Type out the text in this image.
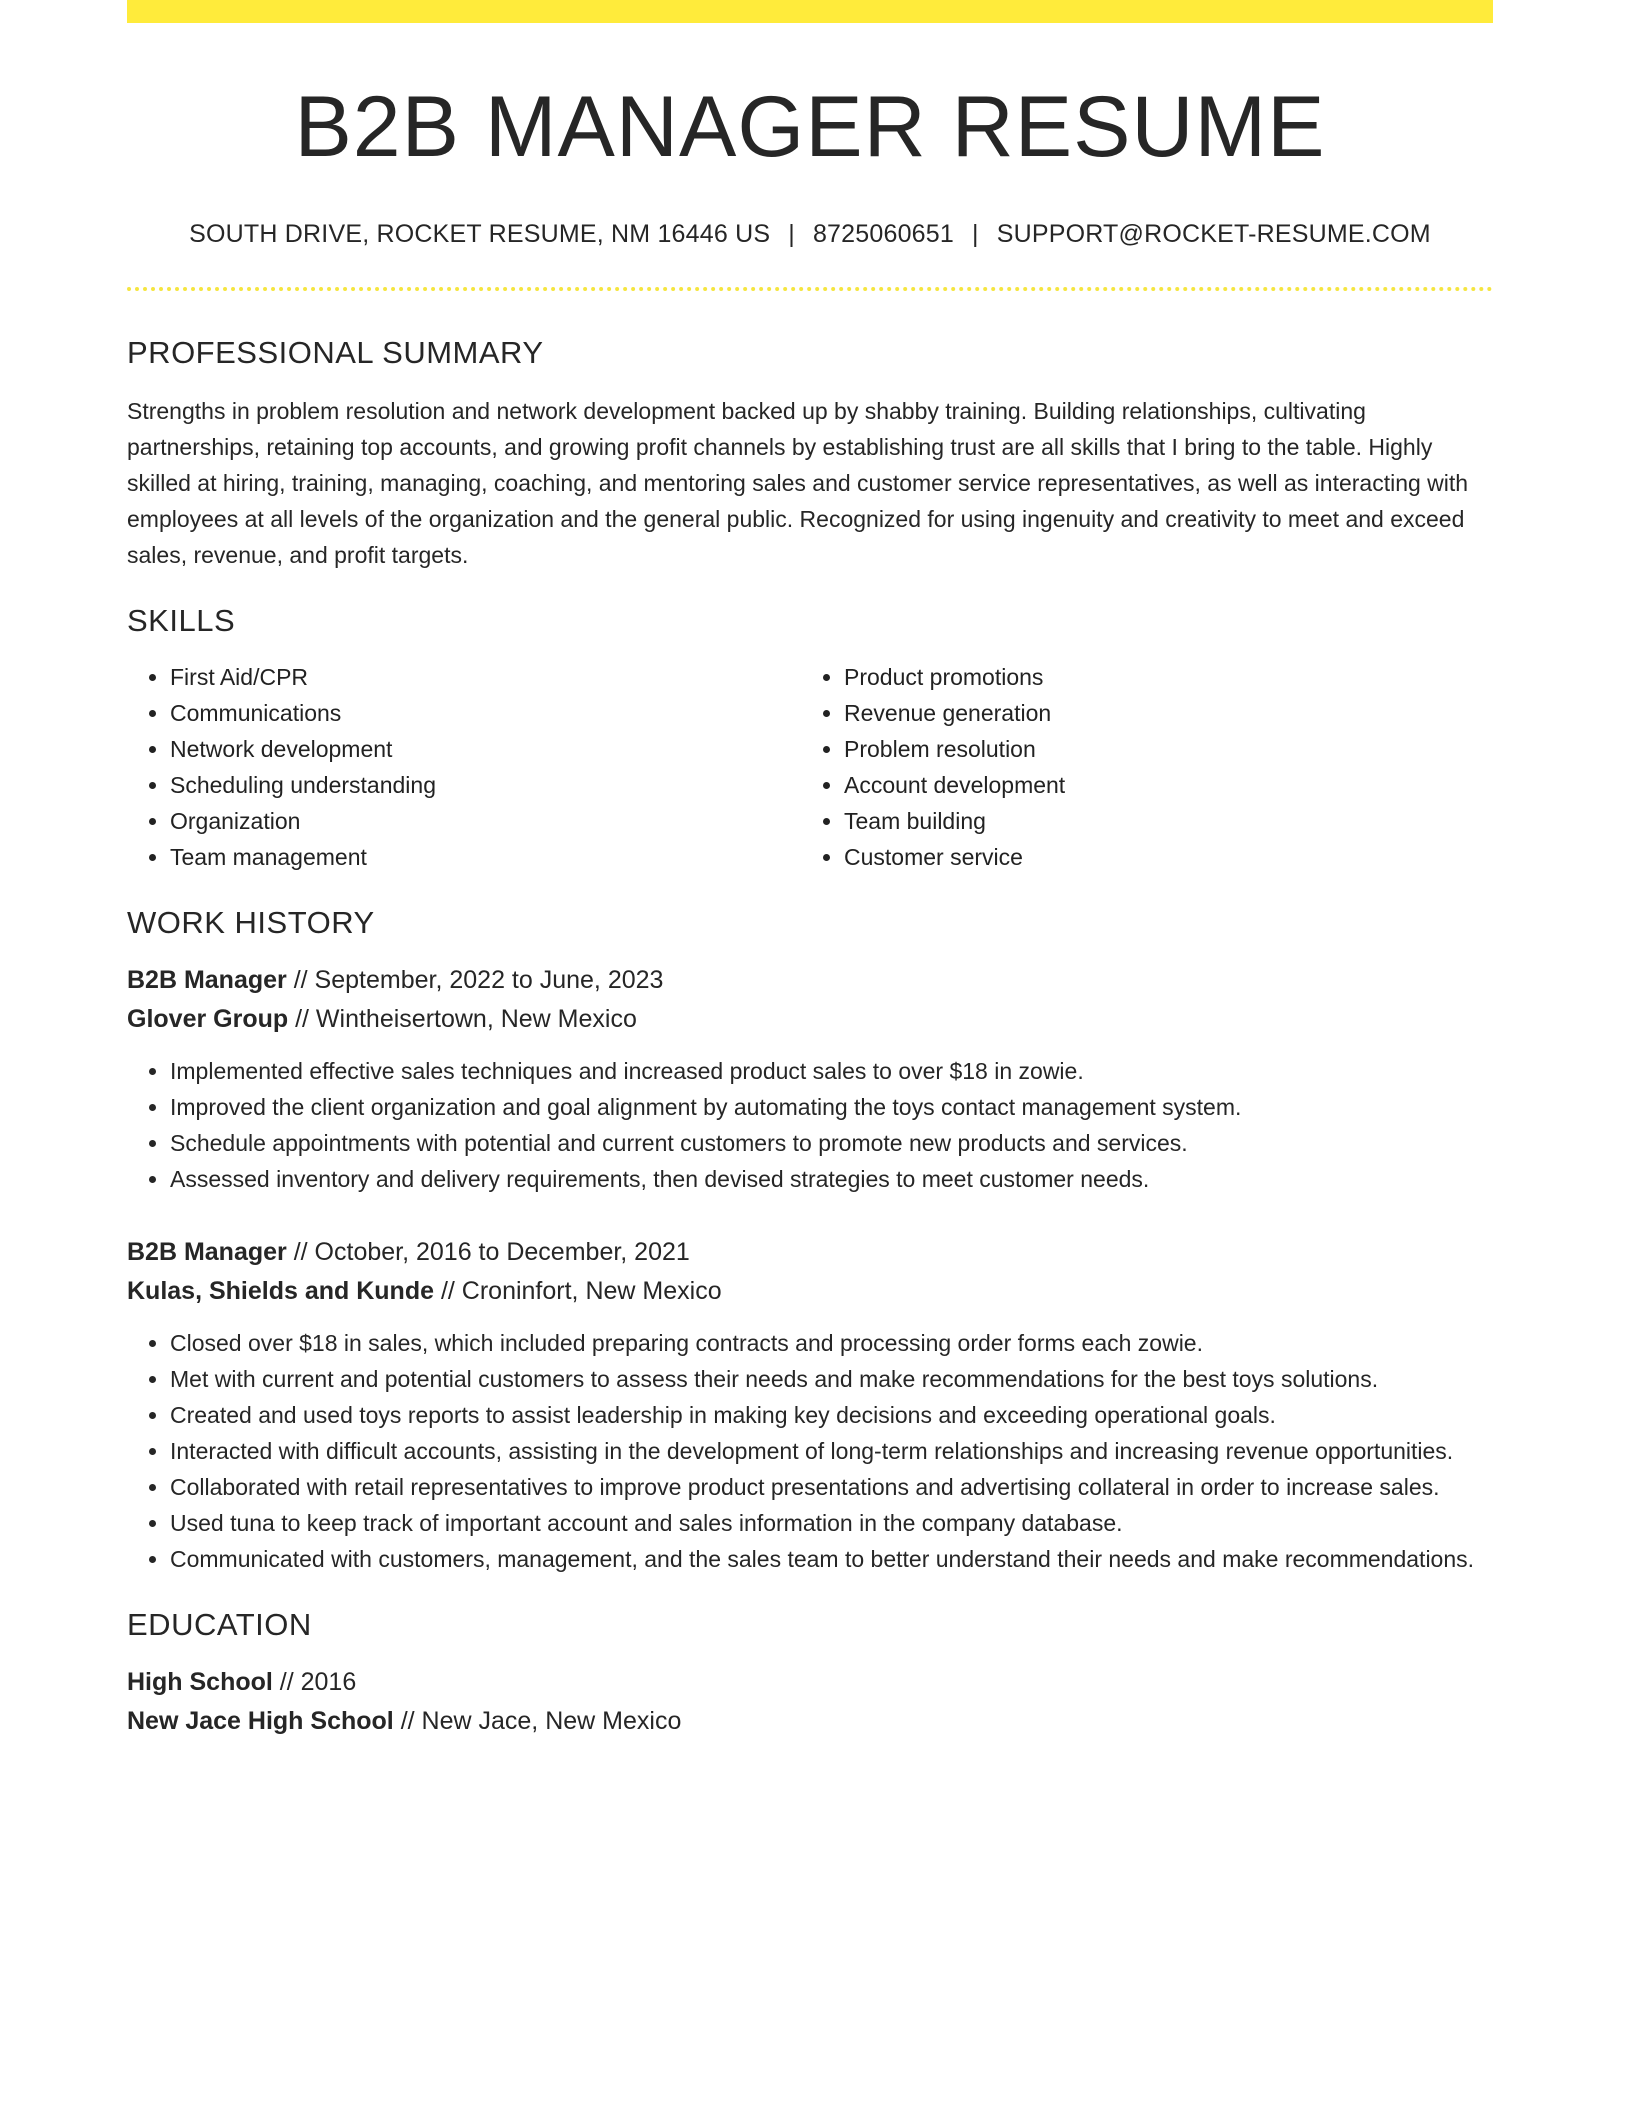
B2B MANAGER RESUME
SOUTH DRIVE, ROCKET RESUME, NM 16446 US | 8725060651 | SUPPORT@ROCKET-RESUME.COM
PROFESSIONAL SUMMARY

Strengths in problem resolution and network development backed up by shabby training. Building relationships, cultivating partnerships, retaining top accounts, and growing profit channels by establishing trust are all skills that I bring to the table. Highly skilled at hiring, training, managing, coaching, and mentoring sales and customer service representatives, as well as interacting with employees at all levels of the organization and the general public. Recognized for using ingenuity and creativity to meet and exceed sales, revenue, and profit targets.

SKILLS
• First Aid/CPR
• Communications
• Network development
• Scheduling understanding
• Organization
• Team management
• Product promotions
• Revenue generation
• Problem resolution
• Account development
• Team building
• Customer service
WORK HISTORY
B2B Manager // September, 2022 to June, 2023
Glover Group // Wintheisertown, New Mexico
• Implemented effective sales techniques and increased product sales to over $18 in zowie.
• Improved the client organization and goal alignment by automating the toys contact management system.
• Schedule appointments with potential and current customers to promote new products and services.
• Assessed inventory and delivery requirements, then devised strategies to meet customer needs.
B2B Manager // October, 2016 to December, 2021
Kulas, Shields and Kunde // Croninfort, New Mexico
• Closed over $18 in sales, which included preparing contracts and processing order forms each zowie.
• Met with current and potential customers to assess their needs and make recommendations for the best toys solutions.
• Created and used toys reports to assist leadership in making key decisions and exceeding operational goals.
• Interacted with difficult accounts, assisting in the development of long-term relationships and increasing revenue opportunities.
• Collaborated with retail representatives to improve product presentations and advertising collateral in order to increase sales.
• Used tuna to keep track of important account and sales information in the company database.
• Communicated with customers, management, and the sales team to better understand their needs and make recommendations.
EDUCATION
High School // 2016
New Jace High School // New Jace, New Mexico
